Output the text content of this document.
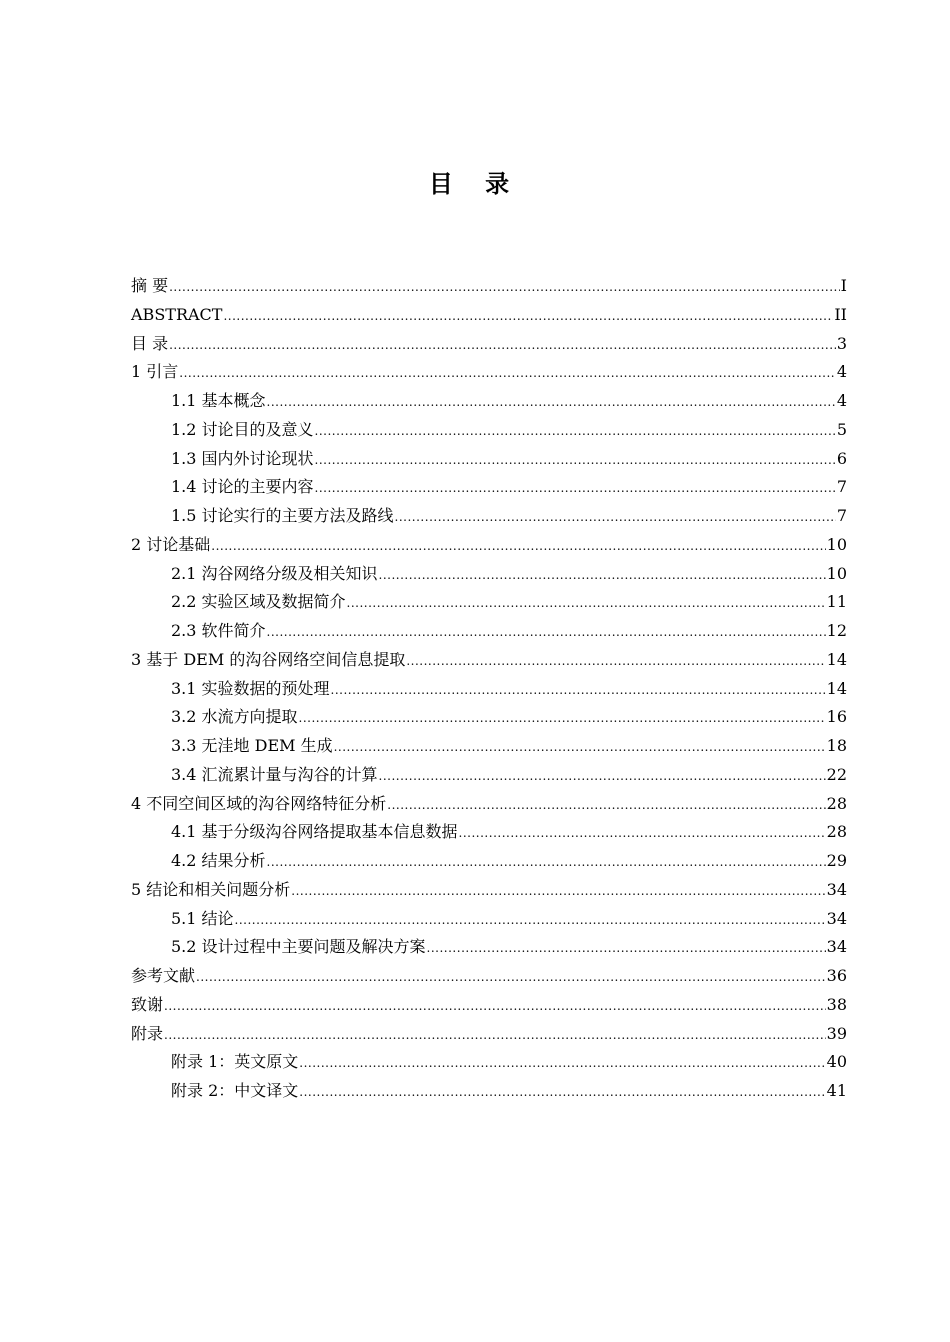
目 录
摘 要 .....	I
ABSTRACT .....	II
目 录 .....	3
1 引言 .....	4
1.1 基本概念 .....	4
1.2 讨论目的及意义 .....	5
1.3 国内外讨论现状 .....	6
1.4 讨论的主要内容 .....	7
1.5 讨论实行的主要方法及路线 .....	7
2 讨论基础 .....	10
2.1 沟谷网络分级及相关知识 .....	10
2.2 实验区域及数据简介 .....	11
2.3 软件简介 .....	12
3 基于 DEM 的沟谷网络空间信息提取 .....	14
3.1 实验数据的预处理 .....	14
3.2 水流方向提取 .....	16
3.3 无洼地 DEM 生成 .....	18
3.4 汇流累计量与沟谷的计算 .....	22
4 不同空间区域的沟谷网络特征分析 .....	28
4.1 基于分级沟谷网络提取基本信息数据 .....	28
4.2 结果分析 .....	29
5 结论和相关问题分析 .....	34
5.1 结论 .....	34
5.2 设计过程中主要问题及解决方案 .....	34
参考文献 .....	36
致谢 .....	38
附录 .....	39
附录 1：英文原文 .....	40
附录 2：中文译文 .....	41
